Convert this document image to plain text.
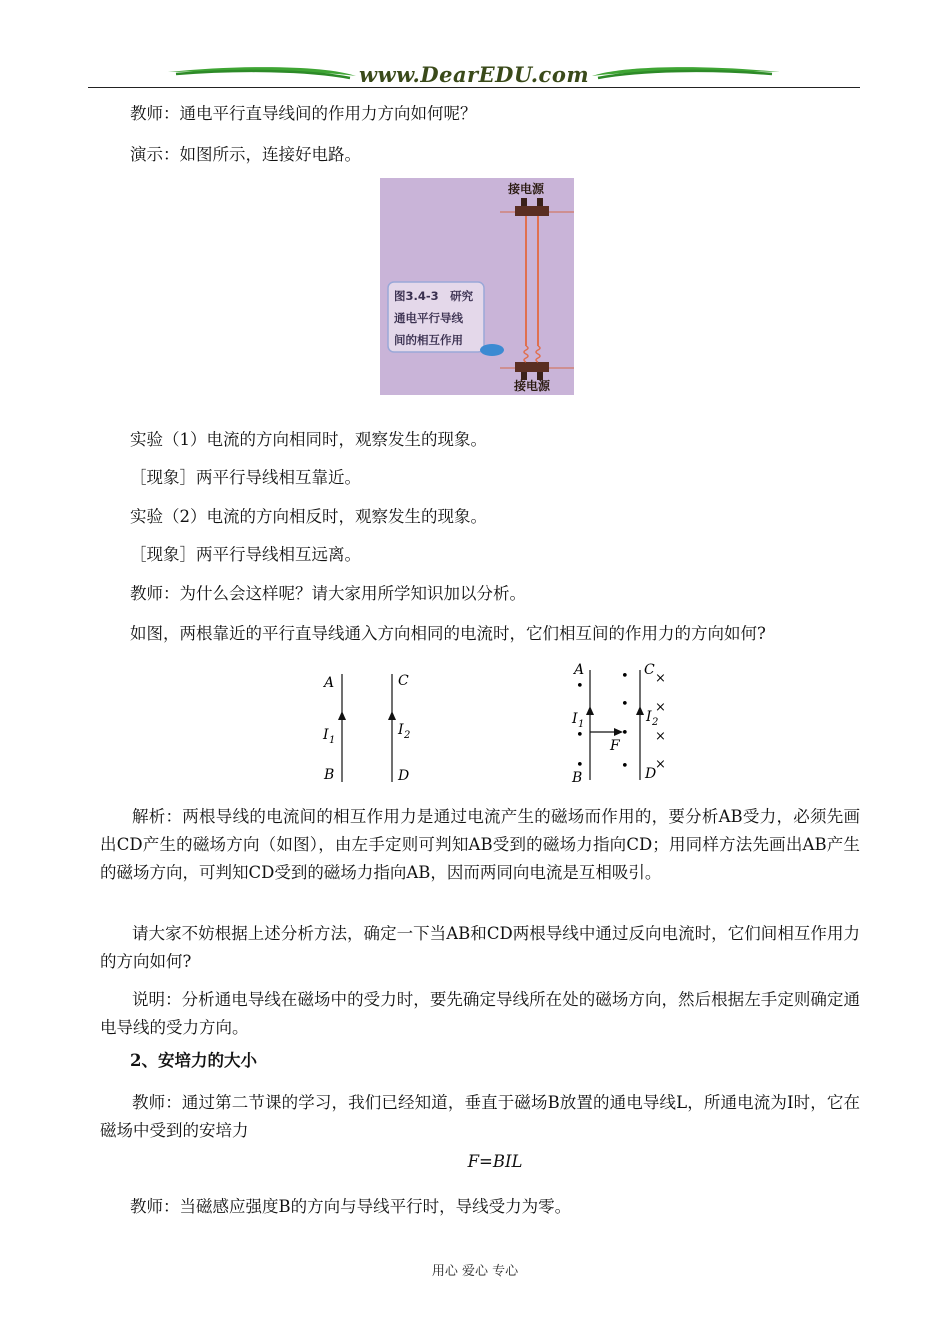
www.DearEDU.com

教师：通电平行直导线间的作用力方向如何呢？

演示：如图所示，连接好电路。

接电源
接电源
图3.4-3　研究
通电平行导线
间的相互作用

实验（1）电流的方向相同时，观察发生的现象。

［现象］两平行导线相互靠近。

实验（2）电流的方向相反时，观察发生的现象。

［现象］两平行导线相互远离。

教师：为什么会这样呢？请大家用所学知识加以分析。

如图，两根靠近的平行直导线通入方向相同的电流时，它们相互间的作用力的方向如何?

A	C
I 1
I 2
B	D
A	C
I 1	I 2
F
B	D
•
•
•
•
•
•
•
×
×
×
×

解析：两根导线的电流间的相互作用力是通过电流产生的磁场而作用的，要分析AB受力，必须先画出CD产生的磁场方向（如图），由左手定则可判知AB受到的磁场力指向CD；用同样方法先画出AB产生的磁场方向，可判知CD受到的磁场力指向AB，因而两同向电流是互相吸引。

请大家不妨根据上述分析方法，确定一下当AB和CD两根导线中通过反向电流时，它们间相互作用力的方向如何?

说明：分析通电导线在磁场中的受力时，要先确定导线所在处的磁场方向，然后根据左手定则确定通电导线的受力方向。

2、安培力的大小

教师：通过第二节课的学习，我们已经知道，垂直于磁场B放置的通电导线L，所通电流为I时，它在磁场中受到的安培力

F=BIL

教师：当磁感应强度B的方向与导线平行时，导线受力为零。

用心 爱心 专心
